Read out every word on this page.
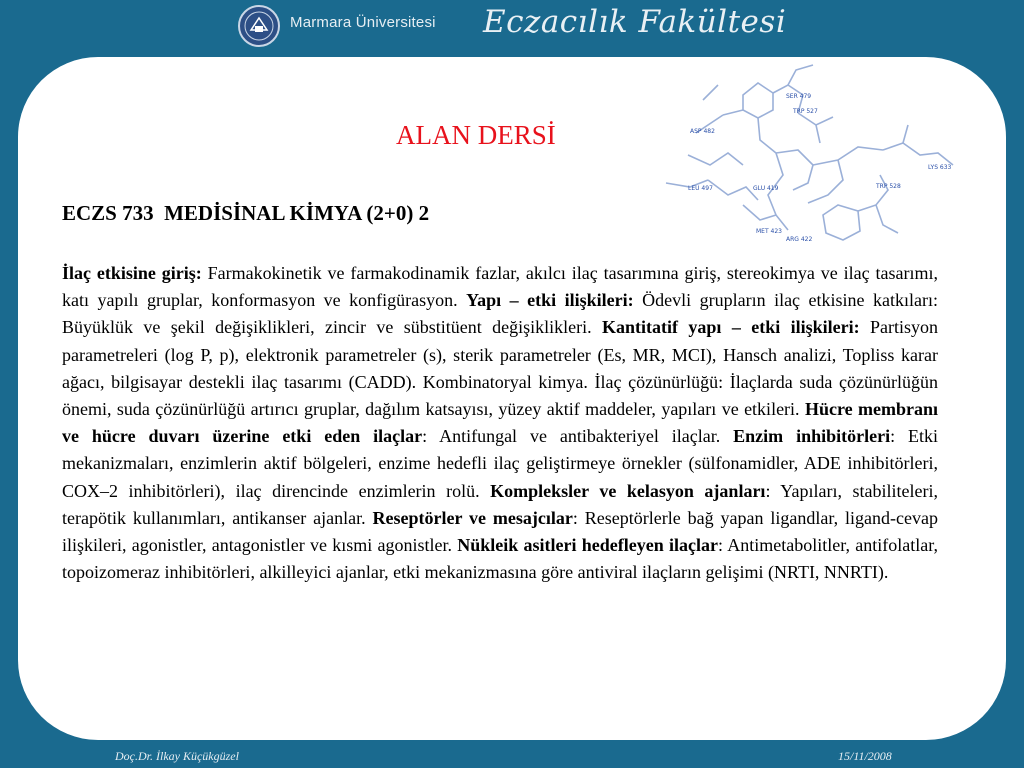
Marmara Üniversitesi Eczacılık Fakültesi
SER 479
ASP 482
TRP 527
LEU 497	GLU 419	TRP 528
LYS 633
MET 423
ARG 422
ALAN DERSİ
ECZS 733 MEDİSİNAL KİMYA (2+0) 2

İlaç etkisine giriş: Farmakokinetik ve farmakodinamik fazlar, akılcı ilaç tasarımına giriş, stereokimya ve ilaç tasarımı, katı yapılı gruplar, konformasyon ve konfigürasyon. Yapı – etki ilişkileri: Ödevli grupların ilaç etkisine katkıları: Büyüklük ve şekil değişiklikleri, zincir ve sübstitüent değişiklikleri. Kantitatif yapı – etki ilişkileri: Partisyon parametreleri (log P, p), elektronik parametreler (s), sterik parametreler (Es, MR, MCI), Hansch analizi, Topliss karar ağacı, bilgisayar destekli ilaç tasarımı (CADD). Kombinatoryal kimya. İlaç çözünürlüğü: İlaçlarda suda çözünürlüğün önemi, suda çözünürlüğü artırıcı gruplar, dağılım katsayısı, yüzey aktif maddeler, yapıları ve etkileri. Hücre membranı ve hücre duvarı üzerine etki eden ilaçlar: Antifungal ve antibakteriyel ilaçlar. Enzim inhibitörleri: Etki mekanizmaları, enzimlerin aktif bölgeleri, enzime hedefli ilaç geliştirmeye örnekler (sülfonamidler, ADE inhibitörleri, COX–2 inhibitörleri), ilaç direncinde enzimlerin rolü. Kompleksler ve kelasyon ajanları: Yapıları, stabiliteleri, terapötik kullanımları, antikanser ajanlar. Reseptörler ve mesajcılar: Reseptörlerle bağ yapan ligandlar, ligand-cevap ilişkileri, agonistler, antagonistler ve kısmi agonistler. Nükleik asitleri hedefleyen ilaçlar: Antimetabolitler, antifolatlar, topoizomeraz inhibitörleri, alkilleyici ajanlar, etki mekanizmasına göre antiviral ilaçların gelişimi (NRTI, NNRTI).

Doç.Dr. İlkay Küçükgüzel	15/11/2008
